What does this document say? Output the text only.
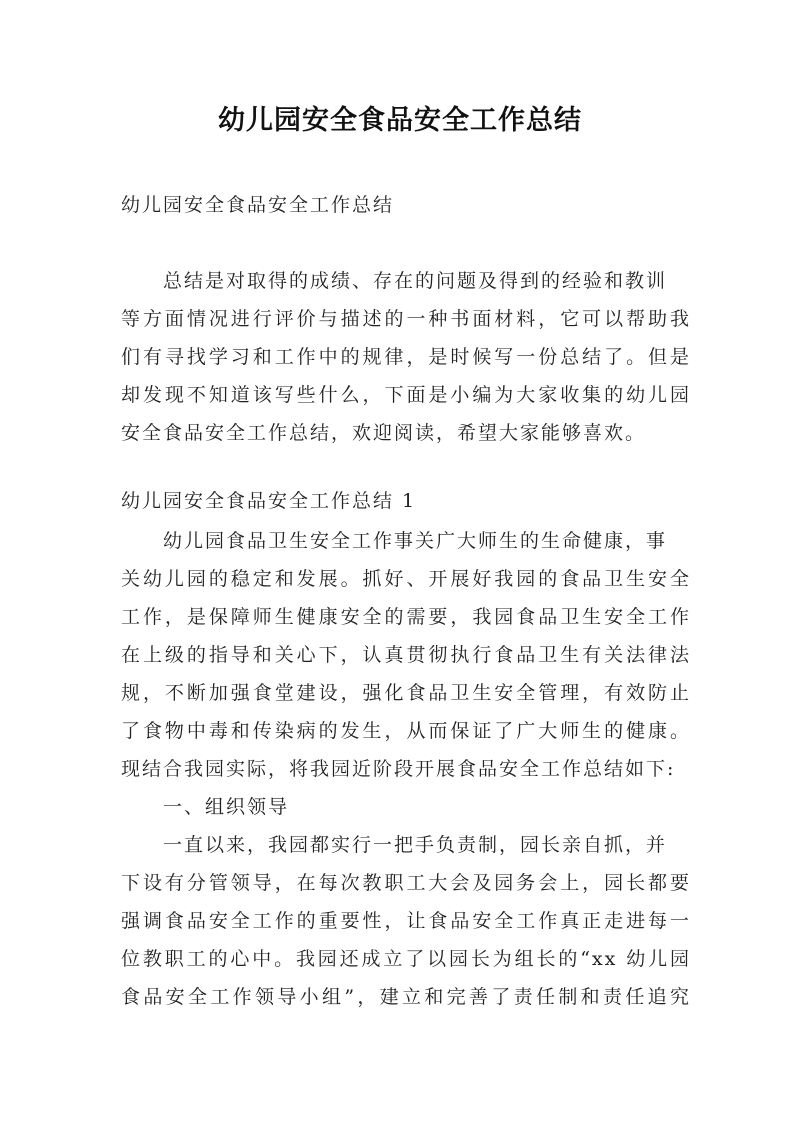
幼儿园安全食品安全工作总结
幼儿园安全食品安全工作总结
总结是对取得的成绩、存在的问题及得到的经验和教训
等方面情况进行评价与描述的一种书面材料，它可以帮助我
们有寻找学习和工作中的规律，是时候写一份总结了。但是
却发现不知道该写些什么，下面是小编为大家收集的幼儿园
安全食品安全工作总结，欢迎阅读，希望大家能够喜欢。
幼儿园安全食品安全工作总结 1
幼儿园食品卫生安全工作事关广大师生的生命健康，事
关幼儿园的稳定和发展。抓好、开展好我园的食品卫生安全
工作，是保障师生健康安全的需要，我园食品卫生安全工作
在上级的指导和关心下，认真贯彻执行食品卫生有关法律法
规，不断加强食堂建设，强化食品卫生安全管理，有效防止
了食物中毒和传染病的发生，从而保证了广大师生的健康。
现结合我园实际，将我园近阶段开展食品安全工作总结如下:
一、组织领导
一直以来，我园都实行一把手负责制，园长亲自抓，并
下设有分管领导，在每次教职工大会及园务会上，园长都要
强调食品安全工作的重要性，让食品安全工作真正走进每一
位教职工的心中。我园还成立了以园长为组长的“xx 幼儿园
食品安全工作领导小组”，建立和完善了责任制和责任追究
